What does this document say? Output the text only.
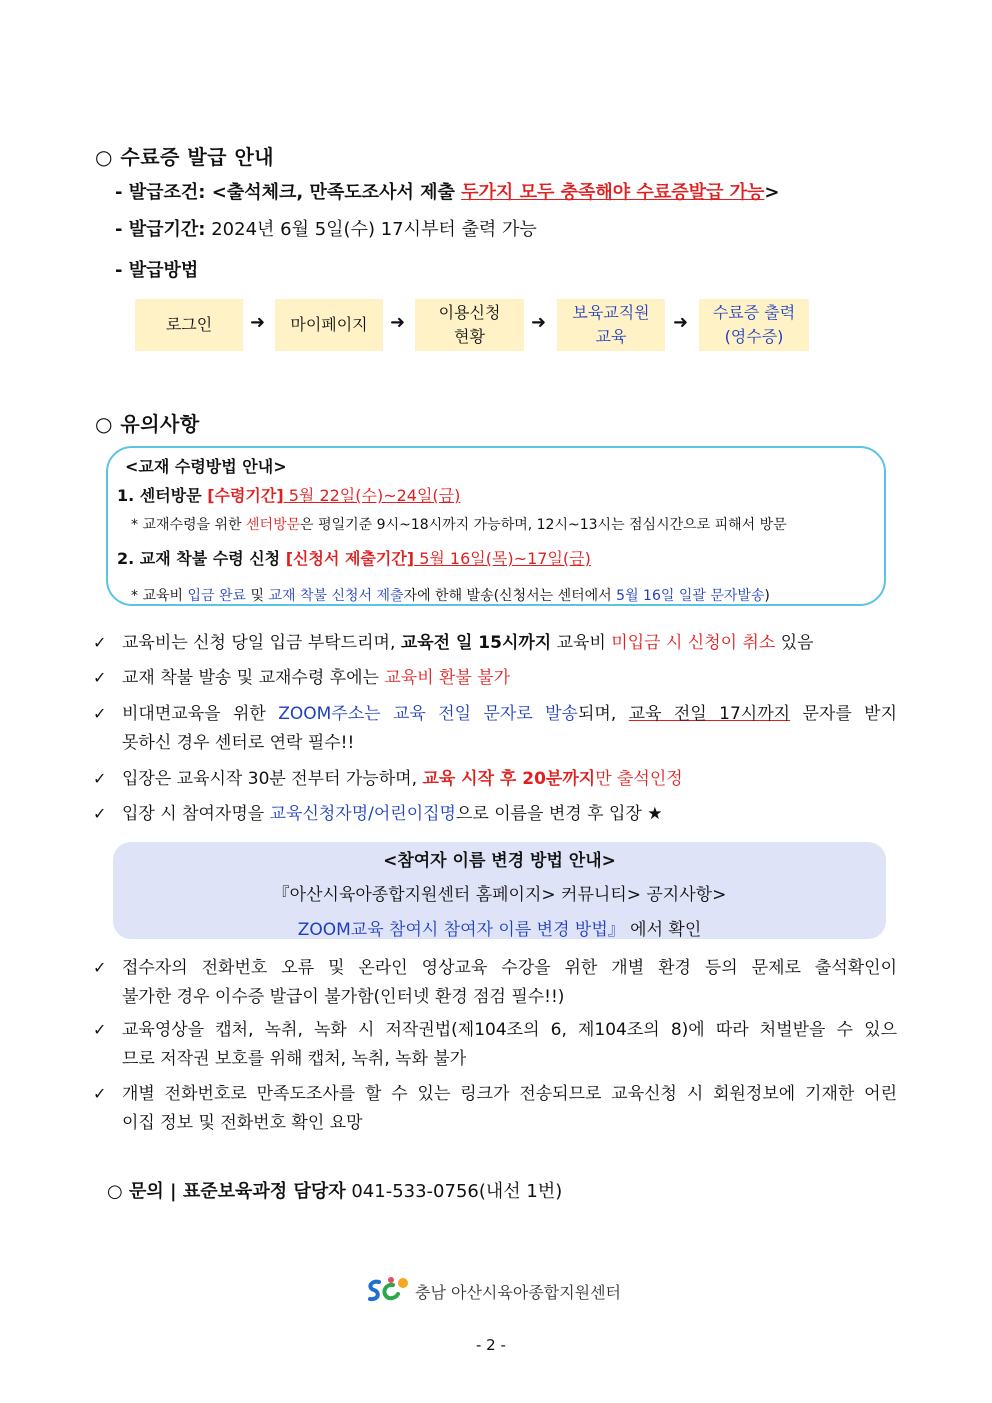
○ 수료증 발급 안내
- 발급조건: <출석체크, 만족도조사서 제출 두가지 모두 충족해야 수료증발급 가능>
- 발급기간: 2024년 6월 5일(수) 17시부터 출력 가능
- 발급방법
로그인 ➜ 마이페이지 ➜ 이용신청
현황
➜ 보육교직원
교육
➜ 수료증 출력
(영수증)
○ 유의사항
<교재 수령방법 안내>
1. 센터방문 [수령기간] 5월 22일(수)~24일(금)
* 교재수령을 위한 센터방문은 평일기준 9시~18시까지 가능하며, 12시~13시는 점심시간으로 피해서 방문
2. 교재 착불 수령 신청 [신청서 제출기간] 5월 16일(목)~17일(금)
* 교육비 입금 완료 및 교재 착불 신청서 제출자에 한해 발송(신청서는 센터에서 5월 16일 일괄 문자발송)
✓ 교육비는 신청 당일 입금 부탁드리며, 교육전 일 15시까지 교육비 미입금 시 신청이 취소 있음
✓ 교재 착불 발송 및 교재수령 후에는 교육비 환불 불가
✓ 비대면교육을 위한 ZOOM주소는 교육 전일 문자로 발송되며, 교육 전일 17시까지 문자를 받지
못하신 경우 센터로 연락 필수!!
✓ 입장은 교육시작 30분 전부터 가능하며, 교육 시작 후 20분까지만 출석인정
✓ 입장 시 참여자명을 교육신청자명/어린이집명으로 이름을 변경 후 입장 ★
<참여자 이름 변경 방법 안내>
『아산시육아종합지원센터 홈페이지> 커뮤니티> 공지사항>
ZOOM교육 참여시 참여자 이름 변경 방법』 에서 확인
✓ 접수자의 전화번호 오류 및 온라인 영상교육 수강을 위한 개별 환경 등의 문제로 출석확인이
불가한 경우 이수증 발급이 불가함(인터넷 환경 점검 필수!!)
✓ 교육영상을 캡처, 녹취, 녹화 시 저작권법(제104조의 6, 제104조의 8)에 따라 처벌받을 수 있으
므로 저작권 보호를 위해 캡처, 녹취, 녹화 불가
✓ 개별 전화번호로 만족도조사를 할 수 있는 링크가 전송되므로 교육신청 시 회원정보에 기재한 어린
이집 정보 및 전화번호 확인 요망
○ 문의 | 표준보육과정 담당자 041-533-0756(내선 1번)
충남 아산시육아종합지원센터
- 2 -
